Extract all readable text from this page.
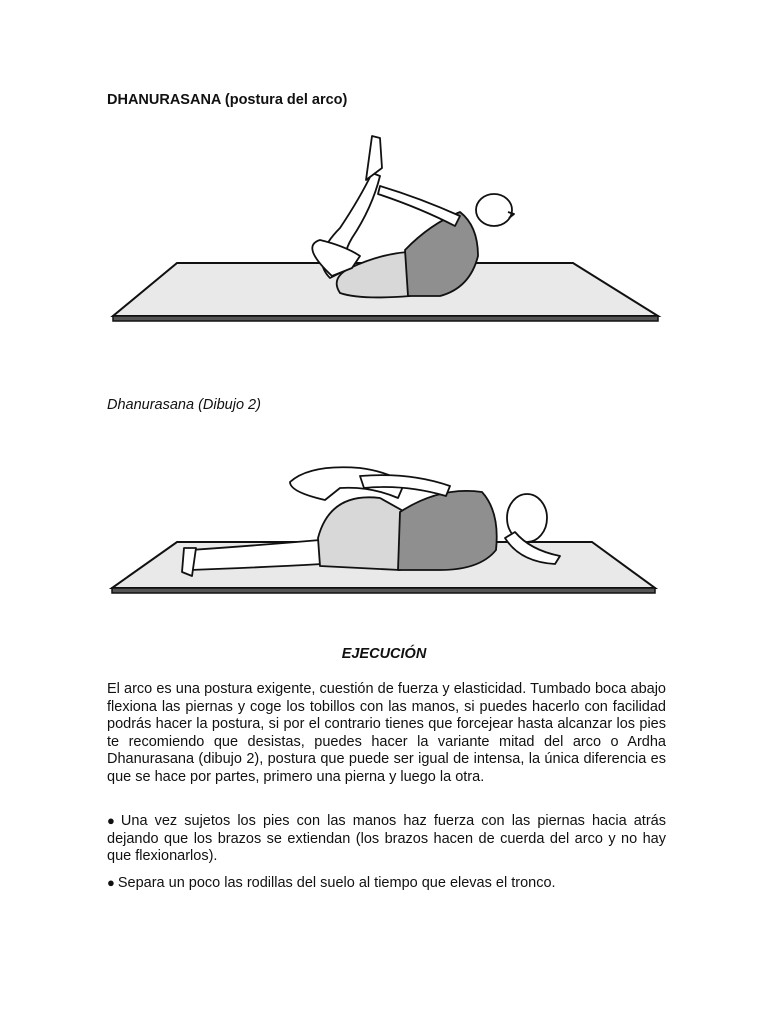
DHANURASANA (postura del arco)

Dhanurasana (Dibujo 2)

EJECUCIÓN

El arco es una postura exigente, cuestión de fuerza y elasticidad. Tumbado boca abajo flexiona las piernas y coge los tobillos con las manos, si puedes hacerlo con facilidad podrás hacer la postura, si por el contrario tienes que forcejear hasta alcanzar los pies te recomiendo que desistas, puedes hacer la variante mitad del arco o Ardha Dhanurasana (dibujo 2), postura que puede ser igual de intensa, la única diferencia es que se hace por partes, primero una pierna y luego la otra.

● Una vez sujetos los pies con las manos haz fuerza con las piernas hacia atrás dejando que los brazos se extiendan (los brazos hacen de cuerda del arco y no hay que flexionarlos).
● Separa un poco las rodillas del suelo al tiempo que elevas el tronco.
